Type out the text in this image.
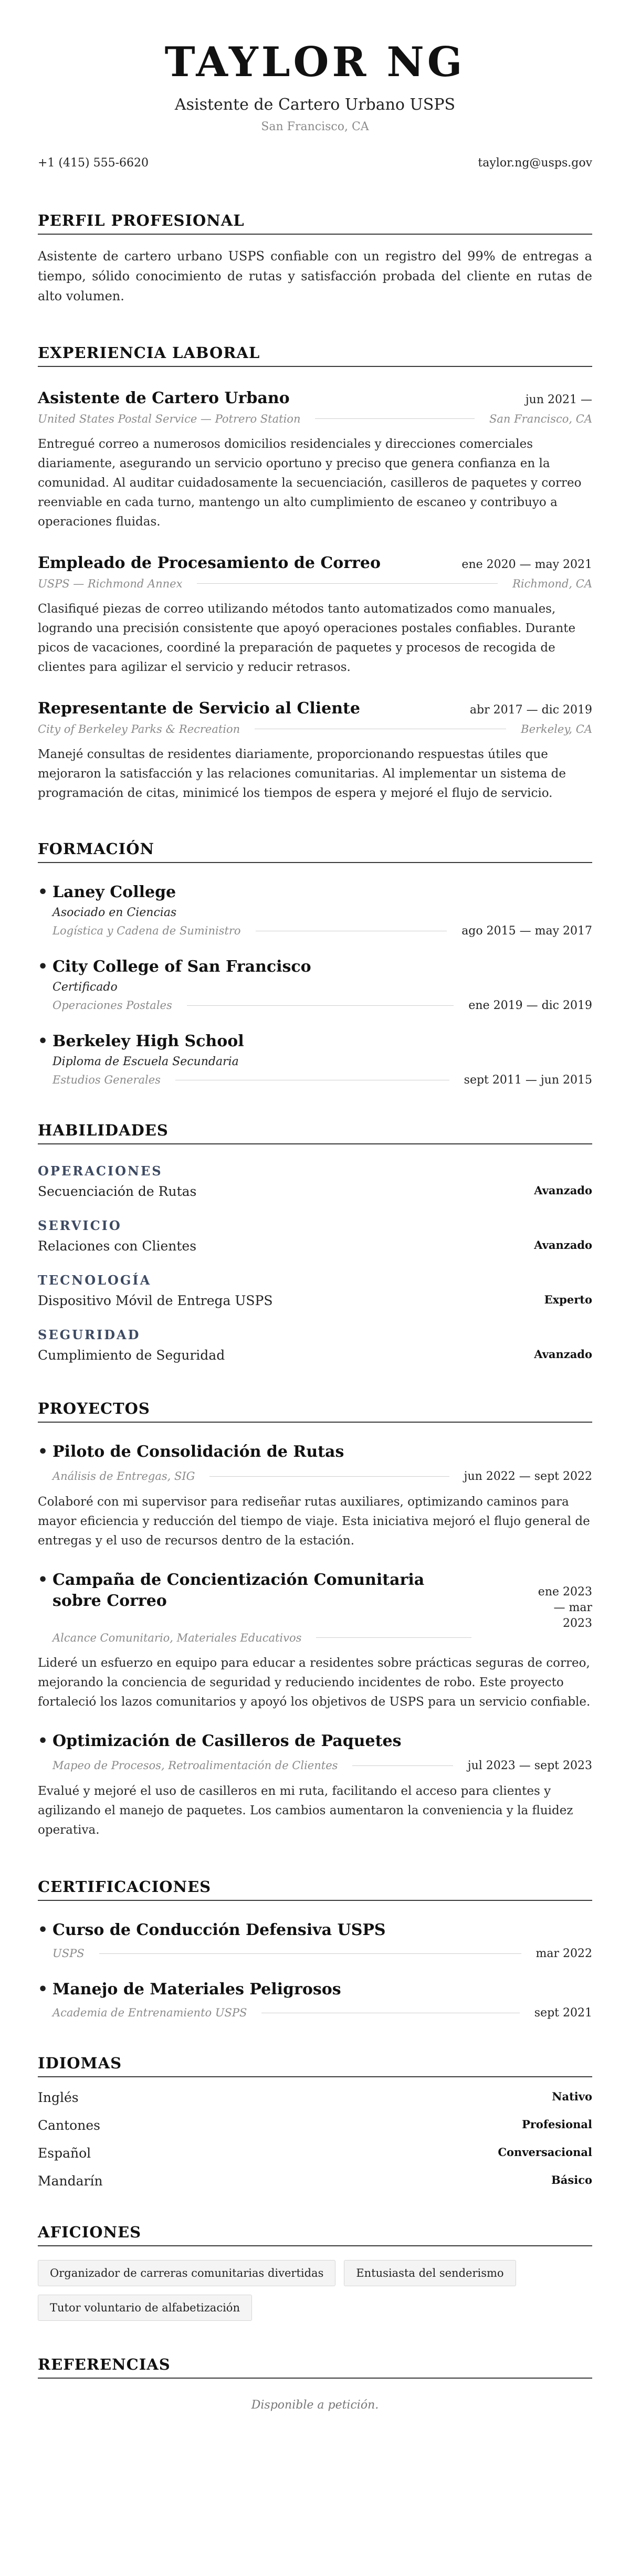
TAYLOR NG
Asistente de Cartero Urbano USPS
San Francisco, CA
+1 (415) 555-6620	taylor.ng@usps.gov
PERFIL PROFESIONAL
Asistente de cartero urbano USPS confiable con un registro del 99% de entregas a tiempo, sólido conocimiento de rutas y satisfacción probada del cliente en rutas de alto volumen.
EXPERIENCIA LABORAL
Asistente de Cartero Urbano	jun 2021 —
United States Postal Service — Potrero Station	San Francisco, CA
Entregué correo a numerosos domicilios residenciales y direcciones comerciales diariamente, asegurando un servicio oportuno y preciso que genera confianza en la comunidad. Al auditar cuidadosamente la secuenciación, casilleros de paquetes y correo reenviable en cada turno, mantengo un alto cumplimiento de escaneo y contribuyo a operaciones fluidas.
Empleado de Procesamiento de Correo	ene 2020 — may 2021
USPS — Richmond Annex	Richmond, CA
Clasifiqué piezas de correo utilizando métodos tanto automatizados como manuales, logrando una precisión consistente que apoyó operaciones postales confiables. Durante picos de vacaciones, coordiné la preparación de paquetes y procesos de recogida de clientes para agilizar el servicio y reducir retrasos.
Representante de Servicio al Cliente	abr 2017 — dic 2019
City of Berkeley Parks & Recreation	Berkeley, CA
Manejé consultas de residentes diariamente, proporcionando respuestas útiles que mejoraron la satisfacción y las relaciones comunitarias. Al implementar un sistema de programación de citas, minimicé los tiempos de espera y mejoré el flujo de servicio.
FORMACIÓN
• Laney College
Asociado en Ciencias
Logística y Cadena de Suministro	ago 2015 — may 2017
• City College of San Francisco
Certificado
Operaciones Postales	ene 2019 — dic 2019
• Berkeley High School
Diploma de Escuela Secundaria
Estudios Generales	sept 2011 — jun 2015
HABILIDADES
OPERACIONES
Secuenciación de Rutas	Avanzado
SERVICIO
Relaciones con Clientes	Avanzado
TECNOLOGÍA
Dispositivo Móvil de Entrega USPS	Experto
SEGURIDAD
Cumplimiento de Seguridad	Avanzado
PROYECTOS
• Piloto de Consolidación de Rutas
Análisis de Entregas, SIG	jun 2022 — sept 2022
Colaboré con mi supervisor para rediseñar rutas auxiliares, optimizando caminos para mayor eficiencia y reducción del tiempo de viaje. Esta iniciativa mejoró el flujo general de entregas y el uso de recursos dentro de la estación.
• Campaña de Concientización Comunitaria
sobre Correo	ene 2023 — mar
2023
Alcance Comunitario, Materiales Educativos
Lideré un esfuerzo en equipo para educar a residentes sobre prácticas seguras de correo, mejorando la conciencia de seguridad y reduciendo incidentes de robo. Este proyecto fortaleció los lazos comunitarios y apoyó los objetivos de USPS para un servicio confiable.
• Optimización de Casilleros de Paquetes
Mapeo de Procesos, Retroalimentación de Clientes	jul 2023 — sept 2023
Evalué y mejoré el uso de casilleros en mi ruta, facilitando el acceso para clientes y agilizando el manejo de paquetes. Los cambios aumentaron la conveniencia y la fluidez operativa.
CERTIFICACIONES
• Curso de Conducción Defensiva USPS
USPS	mar 2022
• Manejo de Materiales Peligrosos
Academia de Entrenamiento USPS	sept 2021
IDIOMAS
Inglés	Nativo
Cantones	Profesional
Español	Conversacional
Mandarín	Básico
AFICIONES
Organizador de carreras comunitarias divertidas	Entusiasta del senderismo
Tutor voluntario de alfabetización
REFERENCIAS
Disponible a petición.
